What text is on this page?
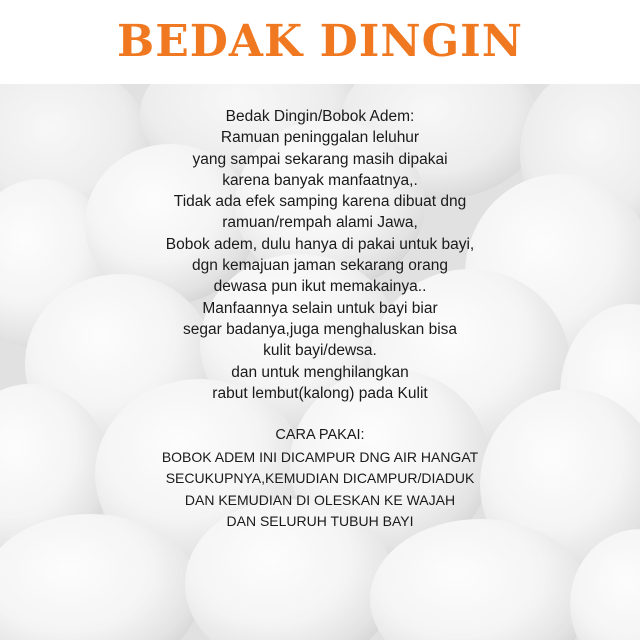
BEDAK DINGIN

Bedak Dingin/Bobok Adem:
Ramuan peninggalan leluhur
yang sampai sekarang masih dipakai
karena banyak manfaatnya,.
Tidak ada efek samping karena dibuat dng
ramuan/rempah alami Jawa,
Bobok adem, dulu hanya di pakai untuk bayi,
dgn kemajuan jaman sekarang orang
dewasa pun ikut memakainya..
Manfaannya selain untuk bayi biar
segar badanya,juga menghaluskan bisa
kulit bayi/dewsa.
dan untuk menghilangkan
rabut lembut(kalong) pada Kulit

CARA PAKAI:

BOBOK ADEM INI DICAMPUR DNG AIR HANGAT
SECUKUPNYA,KEMUDIAN DICAMPUR/DIADUK
DAN KEMUDIAN DI OLESKAN KE WAJAH
DAN SELURUH TUBUH BAYI
